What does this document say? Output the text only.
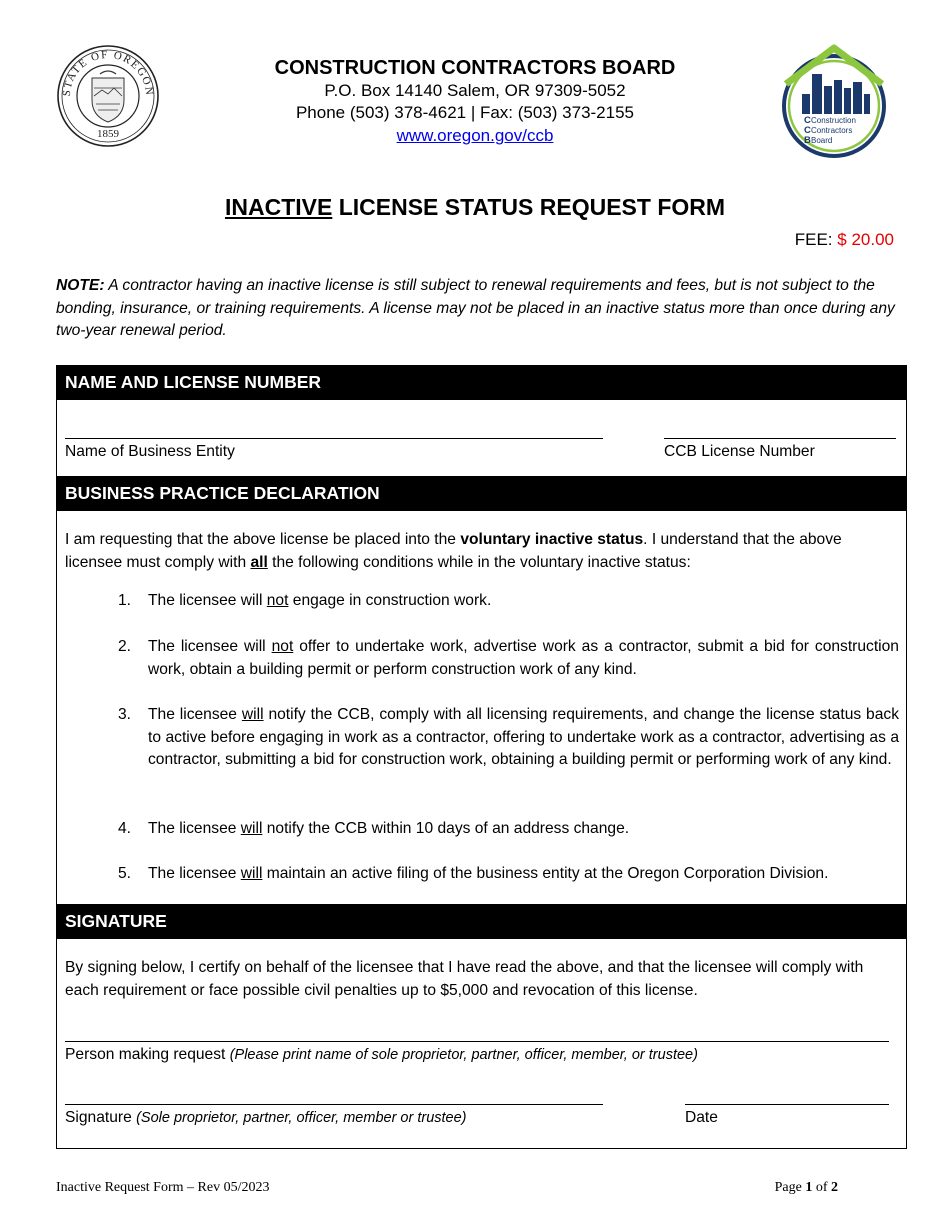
STATE OF OREGON
1859
CONSTRUCTION CONTRACTORS BOARD
P.O. Box 14140 Salem, OR 97309-5052
Phone (503) 378-4621 | Fax: (503) 373-2155
www.oregon.gov/ccb
C Construction
C Contractors
B Board
INACTIVE LICENSE STATUS REQUEST FORM
FEE: $ 20.00
NOTE: A contractor having an inactive license is still subject to renewal requirements and fees, but is not subject to the bonding, insurance, or training requirements. A license may not be placed in an inactive status more than once during any two-year renewal period.
NAME AND LICENSE NUMBER
Name of Business Entity	CCB License Number
BUSINESS PRACTICE DECLARATION
I am requesting that the above license be placed into the voluntary inactive status. I understand that the above licensee must comply with all the following conditions while in the voluntary inactive status:
1.	The licensee will not engage in construction work.
2.	The licensee will not offer to undertake work, advertise work as a contractor, submit a bid for construction work, obtain a building permit or perform construction work of any kind.
3.	The licensee will notify the CCB, comply with all licensing requirements, and change the license status back to active before engaging in work as a contractor, offering to undertake work as a contractor, advertising as a contractor, submitting a bid for construction work, obtaining a building permit or performing work of any kind.
4.	The licensee will notify the CCB within 10 days of an address change.
5.	The licensee will maintain an active filing of the business entity at the Oregon Corporation Division.
SIGNATURE
By signing below, I certify on behalf of the licensee that I have read the above, and that the licensee will comply with each requirement or face possible civil penalties up to $5,000 and revocation of this license.
Person making request (Please print name of sole proprietor, partner, officer, member, or trustee)
Signature (Sole proprietor, partner, officer, member or trustee)	Date
Inactive Request Form – Rev 05/2023	Page 1 of 2
